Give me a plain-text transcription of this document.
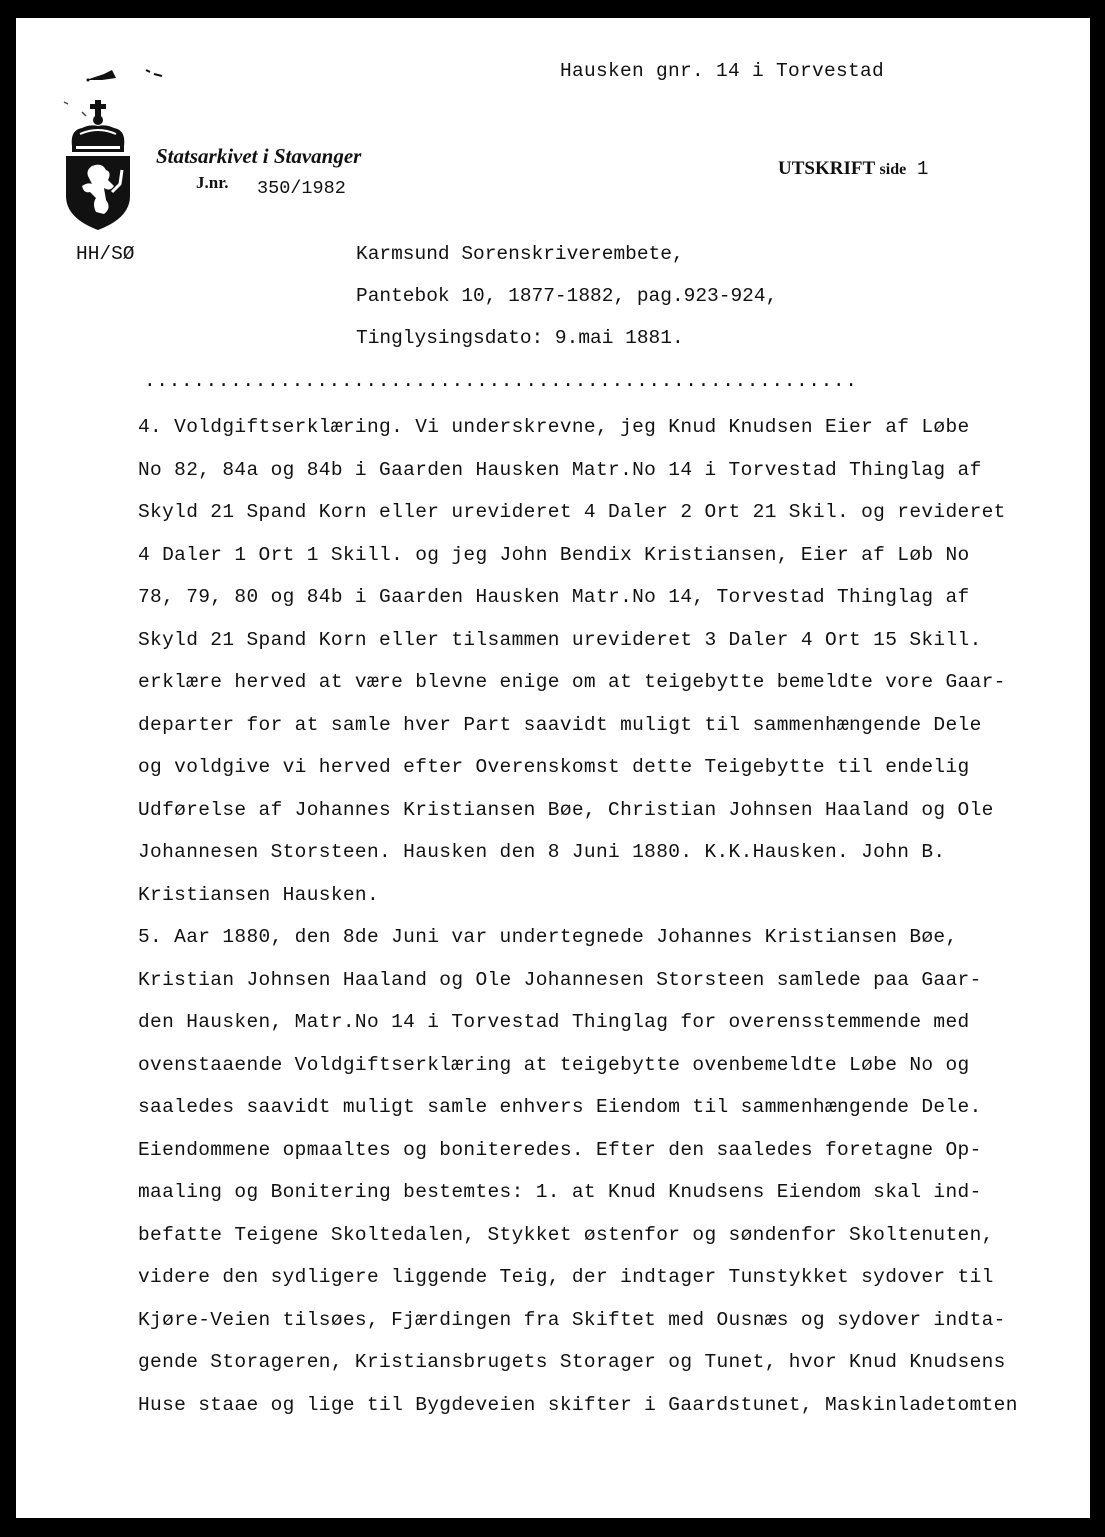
Hausken gnr. 14 i Torvestad
Statsarkivet i Stavanger
J.nr. 350/1982
UTSKRIFT side 1
HH/SØ	Karmsund Sorenskriverembete,
Pantebok 10, 1877-1882, pag.923-924,
Tinglysingsdato: 9.mai 1881.
..........................................................
4. Voldgiftserklæring. Vi underskrevne, jeg Knud Knudsen Eier af Løbe
No 82, 84a og 84b i Gaarden Hausken Matr.No 14 i Torvestad Thinglag af
Skyld 21 Spand Korn eller urevideret 4 Daler 2 Ort 21 Skil. og revideret
4 Daler 1 Ort 1 Skill. og jeg John Bendix Kristiansen, Eier af Løb No
78, 79, 80 og 84b i Gaarden Hausken Matr.No 14, Torvestad Thinglag af
Skyld 21 Spand Korn eller tilsammen urevideret 3 Daler 4 Ort 15 Skill.
erklære herved at være blevne enige om at teigebytte bemeldte vore Gaar-
departer for at samle hver Part saavidt muligt til sammenhængende Dele
og voldgive vi herved efter Overenskomst dette Teigebytte til endelig
Udførelse af Johannes Kristiansen Bøe, Christian Johnsen Haaland og Ole
Johannesen Storsteen. Hausken den 8 Juni 1880. K.K.Hausken. John B.
Kristiansen Hausken.
5. Aar 1880, den 8de Juni var undertegnede Johannes Kristiansen Bøe,
Kristian Johnsen Haaland og Ole Johannesen Storsteen samlede paa Gaar-
den Hausken, Matr.No 14 i Torvestad Thinglag for overensstemmende med
ovenstaaende Voldgiftserklæring at teigebytte ovenbemeldte Løbe No og
saaledes saavidt muligt samle enhvers Eiendom til sammenhængende Dele.
Eiendommene opmaaltes og boniteredes. Efter den saaledes foretagne Op-
maaling og Bonitering bestemtes: 1. at Knud Knudsens Eiendom skal ind-
befatte Teigene Skoltedalen, Stykket østenfor og søndenfor Skoltenuten,
videre den sydligere liggende Teig, der indtager Tunstykket sydover til
Kjøre-Veien tilsøes, Fjærdingen fra Skiftet med Ousnæs og sydover indta-
gende Storageren, Kristiansbrugets Storager og Tunet, hvor Knud Knudsens
Huse staae og lige til Bygdeveien skifter i Gaardstunet, Maskinladetomten
